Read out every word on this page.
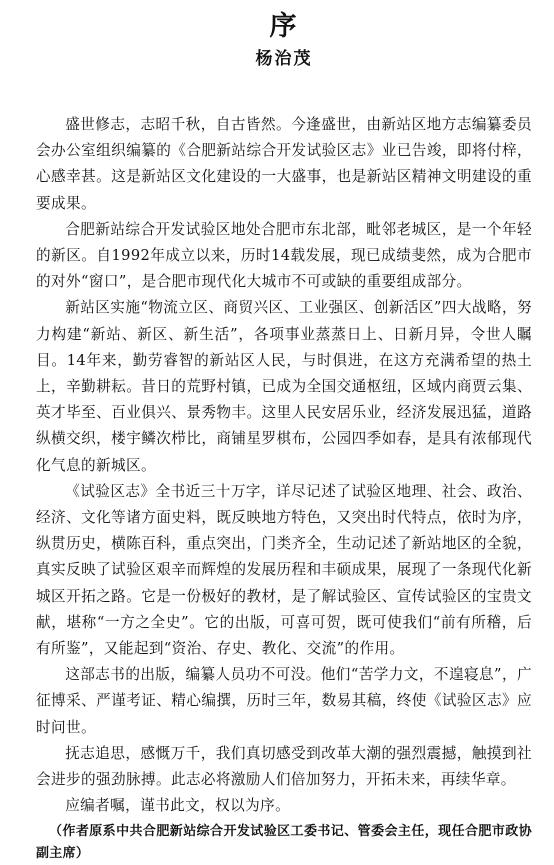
序
杨治茂

盛世修志，志昭千秋，自古皆然。今逢盛世，由新站区地方志编纂委员会办公室组织编纂的《合肥新站综合开发试验区志》业已告竣，即将付梓，心感幸甚。这是新站区文化建设的一大盛事，也是新站区精神文明建设的重要成果。

合肥新站综合开发试验区地处合肥市东北部，毗邻老城区，是一个年轻的新区。自1992年成立以来，历时14载发展，现已成绩斐然，成为合肥市的对外“窗口”，是合肥市现代化大城市不可或缺的重要组成部分。

新站区实施“物流立区、商贸兴区、工业强区、创新活区”四大战略，努力构建“新站、新区、新生活”，各项事业蒸蒸日上、日新月异，令世人瞩目。14年来，勤劳睿智的新站区人民，与时俱进，在这方充满希望的热土上，辛勤耕耘。昔日的荒野村镇，已成为全国交通枢纽，区域内商贾云集、英才毕至、百业俱兴、景秀物丰。这里人民安居乐业，经济发展迅猛，道路纵横交织，楼宇鳞次栉比，商铺星罗棋布，公园四季如春，是具有浓郁现代化气息的新城区。

《试验区志》全书近三十万字，详尽记述了试验区地理、社会、政治、经济、文化等诸方面史料，既反映地方特色，又突出时代特点，依时为序，纵贯历史，横陈百科，重点突出，门类齐全，生动记述了新站地区的全貌，真实反映了试验区艰辛而辉煌的发展历程和丰硕成果，展现了一条现代化新城区开拓之路。它是一份极好的教材，是了解试验区、宣传试验区的宝贵文献，堪称“一方之全史”。它的出版，可喜可贺，既可使我们“前有所稽，后有所鉴”，又能起到“资治、存史、教化、交流”的作用。

这部志书的出版，编纂人员功不可没。他们“苦学力文，不遑寝息”，广征博采、严谨考证、精心编撰，历时三年，数易其稿，终使《试验区志》应时问世。

抚志追思，感慨万千，我们真切感受到改革大潮的强烈震撼，触摸到社会进步的强劲脉搏。此志必将激励人们倍加努力，开拓未来，再续华章。

应编者嘱，谨书此文，权以为序。

（作者原系中共合肥新站综合开发试验区工委书记、管委会主任，现任合肥市政协副主席）
